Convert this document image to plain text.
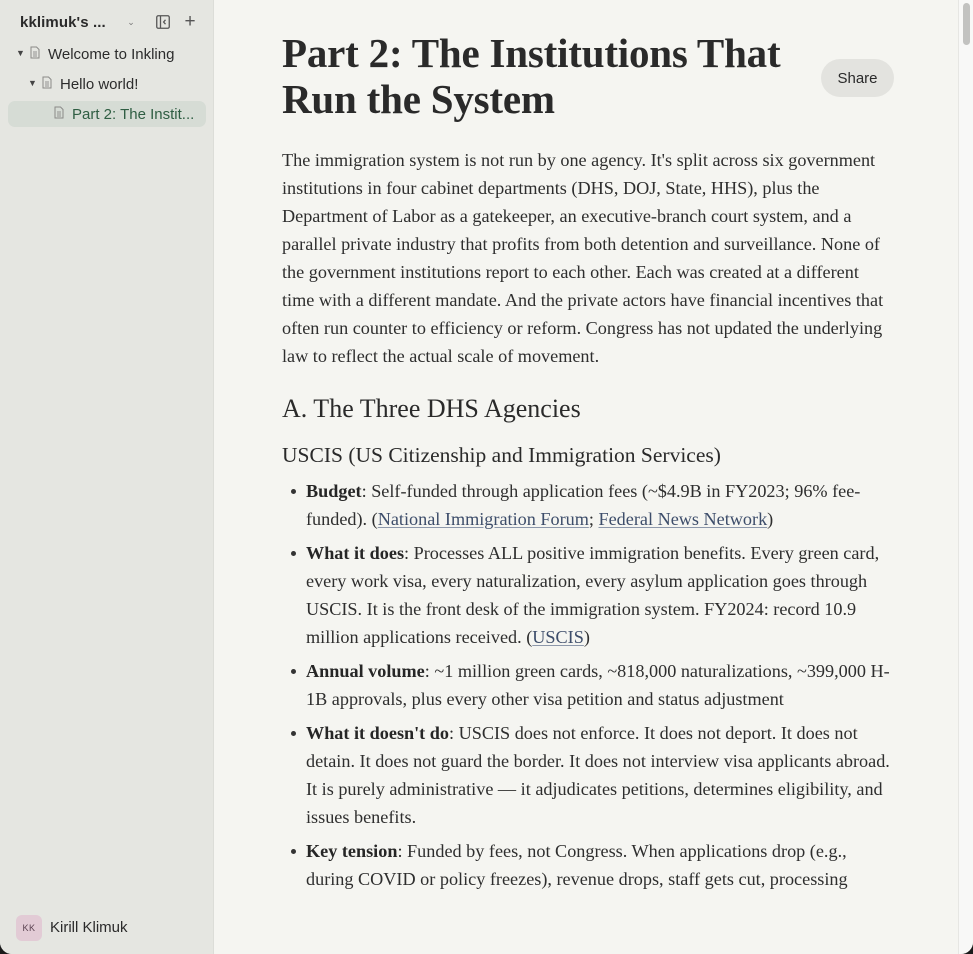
kklimuk's ...	⌄	+
▼ Welcome to Inkling
▼ Hello world!
Part 2: The Instit...
KK Kirill Klimuk
Share
Part 2: The Institutions That Run the System

The immigration system is not run by one agency. It's split across six government institutions in four cabinet departments (DHS, DOJ, State, HHS), plus the Department of Labor as a gatekeeper, an executive-branch court system, and a parallel private industry that profits from both detention and surveillance. None of the government institutions report to each other. Each was created at a different time with a different mandate. And the private actors have financial incentives that often run counter to efficiency or reform. Congress has not updated the underlying law to reflect the actual scale of movement.

A. The Three DHS Agencies
USCIS (US Citizenship and Immigration Services)
Budget: Self-funded through application fees (~$4.9B in FY2023; 96% fee-funded). (National Immigration Forum; Federal News Network)
What it does: Processes ALL positive immigration benefits. Every green card, every work visa, every naturalization, every asylum application goes through USCIS. It is the front desk of the immigration system. FY2024: record 10.9 million applications received. (USCIS)
Annual volume: ~1 million green cards, ~818,000 naturalizations, ~399,000 H-1B approvals, plus every other visa petition and status adjustment
What it doesn't do: USCIS does not enforce. It does not deport. It does not detain. It does not guard the border. It does not interview visa applicants abroad. It is purely administrative — it adjudicates petitions, determines eligibility, and issues benefits.
Key tension: Funded by fees, not Congress. When applications drop (e.g., during COVID or policy freezes), revenue drops, staff gets cut, processing
